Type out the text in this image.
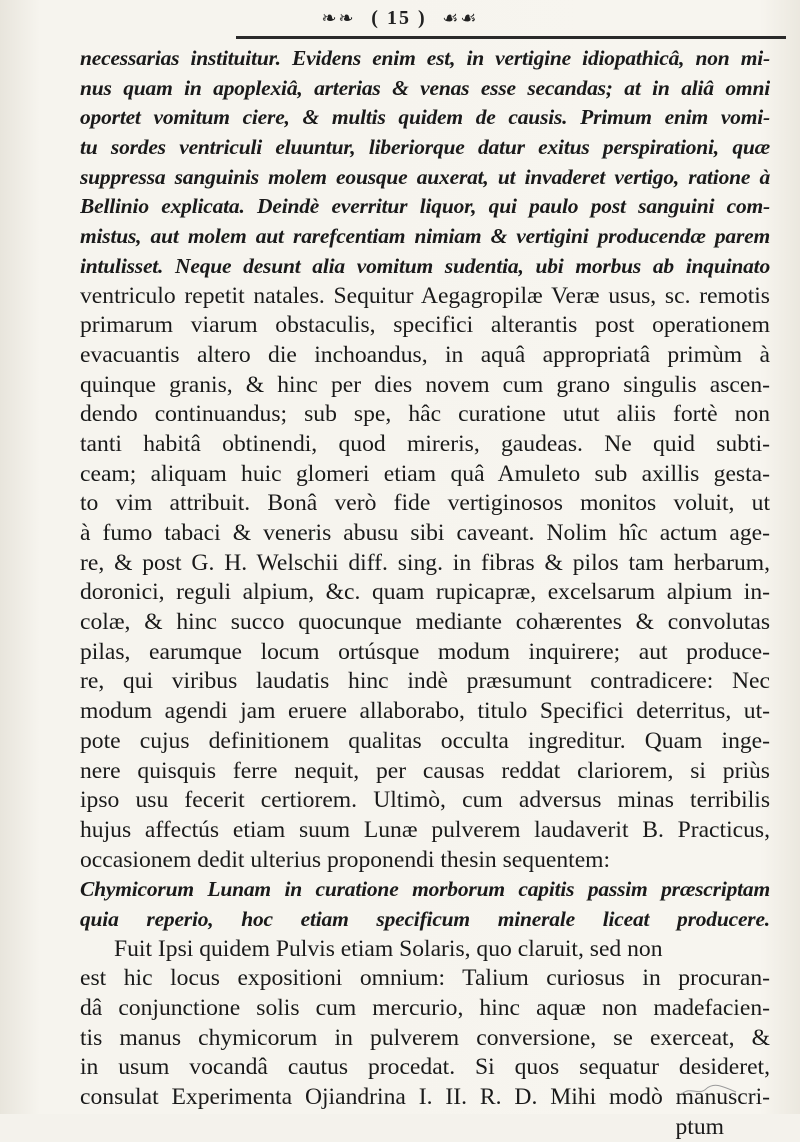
❧❧ ( 15 ) ☙☙
necessarias instituitur. Evidens enim est, in vertigine idiopathicâ, non mi-
nus quam in apoplexiâ, arterias & venas esse secandas; at in aliâ omni
oportet vomitum ciere, & multis quidem de causis. Primum enim vomi-
tu sordes ventriculi eluuntur, liberiorque datur exitus perspirationi, quæ
suppressa sanguinis molem eousque auxerat, ut invaderet vertigo, ratione à
Bellinio explicata. Deindè everritur liquor, qui paulo post sanguini com-
mistus, aut molem aut rarefcentiam nimiam & vertigini producendæ parem
intulisset. Neque desunt alia vomitum sudentia, ubi morbus ab inquinato
ventriculo repetit natales. Sequitur Aegagropilæ Veræ usus, sc. remotis
primarum viarum obstaculis, specifici alterantis post operationem
evacuantis altero die inchoandus, in aquâ appropriatâ primùm à
quinque granis, & hinc per dies novem cum grano singulis ascen-
dendo continuandus; sub spe, hâc curatione utut aliis fortè non
tanti habitâ obtinendi, quod mireris, gaudeas. Ne quid subti-
ceam; aliquam huic glomeri etiam quâ Amuleto sub axillis gesta-
to vim attribuit. Bonâ verò fide vertiginosos monitos voluit, ut
à fumo tabaci & veneris abusu sibi caveant. Nolim hîc actum age-
re, & post G. H. Welschii diff. sing. in fibras & pilos tam herbarum,
doronici, reguli alpium, &c. quam rupicapræ, excelsarum alpium in-
colæ, & hinc succo quocunque mediante cohærentes & convolutas
pilas, earumque locum ortúsque modum inquirere; aut produce-
re, qui viribus laudatis hinc indè præsumunt contradicere: Nec
modum agendi jam eruere allaborabo, titulo Specifici deterritus, ut-
pote cujus definitionem qualitas occulta ingreditur. Quam inge-
nere quisquis ferre nequit, per causas reddat clariorem, si priùs
ipso usu fecerit certiorem. Ultimò, cum adversus minas terribilis
hujus affectús etiam suum Lunæ pulverem laudaverit B. Practicus,
occasionem dedit ulterius proponendi thesin sequentem:
Chymicorum Lunam in curatione morborum capitis passim præscriptam
quia reperio, hoc etiam specificum minerale liceat producere.
Fuit Ipsi quidem Pulvis etiam Solaris, quo claruit, sed non
est hic locus expositioni omnium: Talium curiosus in procuran-
dâ conjunctione solis cum mercurio, hinc aquæ non madefacien-
tis manus chymicorum in pulverem conversione, se exerceat, &
in usum vocandâ cautus procedat. Si quos sequatur desideret,
consulat Experimenta Ojiandrina I. II. R. D. Mihi modò manuscri-
ptum
